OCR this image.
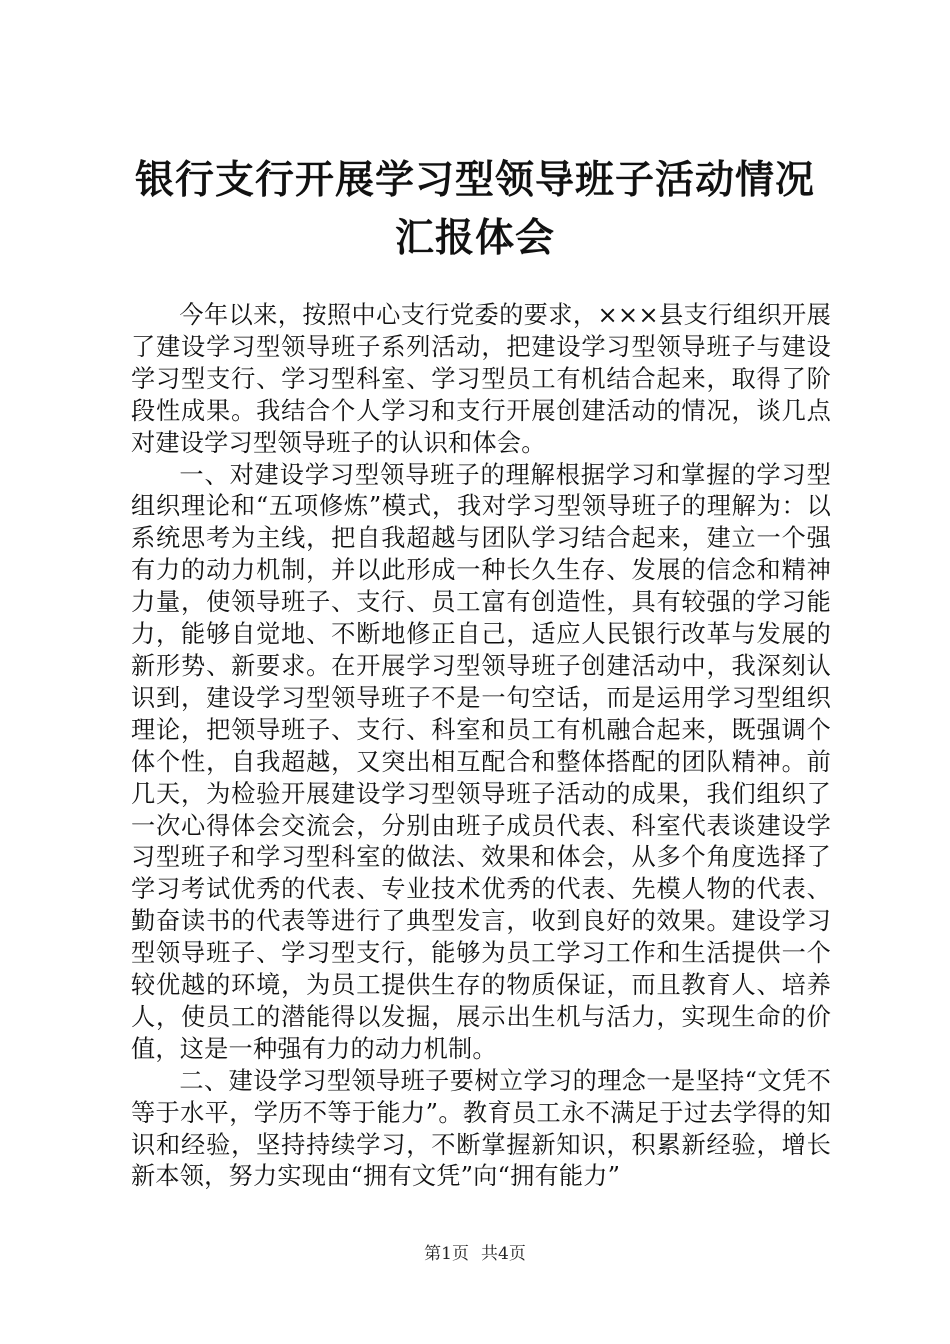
银行支行开展学习型领导班子活动情况汇报体会

今年以来，按照中心支行党委的要求，×××县支行组织开展了建设学习型领导班子系列活动，把建设学习型领导班子与建设学习型支行、学习型科室、学习型员工有机结合起来，取得了阶段性成果。我结合个人学习和支行开展创建活动的情况，谈几点对建设学习型领导班子的认识和体会。

一、对建设学习型领导班子的理解根据学习和掌握的学习型组织理论和“五项修炼”模式，我对学习型领导班子的理解为：以系统思考为主线，把自我超越与团队学习结合起来，建立一个强有力的动力机制，并以此形成一种长久生存、发展的信念和精神力量，使领导班子、支行、员工富有创造性，具有较强的学习能力，能够自觉地、不断地修正自己，适应人民银行改革与发展的新形势、新要求。在开展学习型领导班子创建活动中，我深刻认识到，建设学习型领导班子不是一句空话，而是运用学习型组织理论，把领导班子、支行、科室和员工有机融合起来，既强调个体个性，自我超越，又突出相互配合和整体搭配的团队精神。前几天，为检验开展建设学习型领导班子活动的成果，我们组织了一次心得体会交流会，分别由班子成员代表、科室代表谈建设学习型班子和学习型科室的做法、效果和体会，从多个角度选择了学习考试优秀的代表、专业技术优秀的代表、先模人物的代表、勤奋读书的代表等进行了典型发言，收到良好的效果。建设学习型领导班子、学习型支行，能够为员工学习工作和生活提供一个较优越的环境，为员工提供生存的物质保证，而且教育人、培养人，使员工的潜能得以发掘，展示出生机与活力，实现生命的价值，这是一种强有力的动力机制。

二、建设学习型领导班子要树立学习的理念一是坚持“文凭不等于水平，学历不等于能力”。教育员工永不满足于过去学得的知识和经验，坚持持续学习，不断掌握新知识，积累新经验，增长新本领，努力实现由“拥有文凭”向“拥有能力”

第1页 共4页
